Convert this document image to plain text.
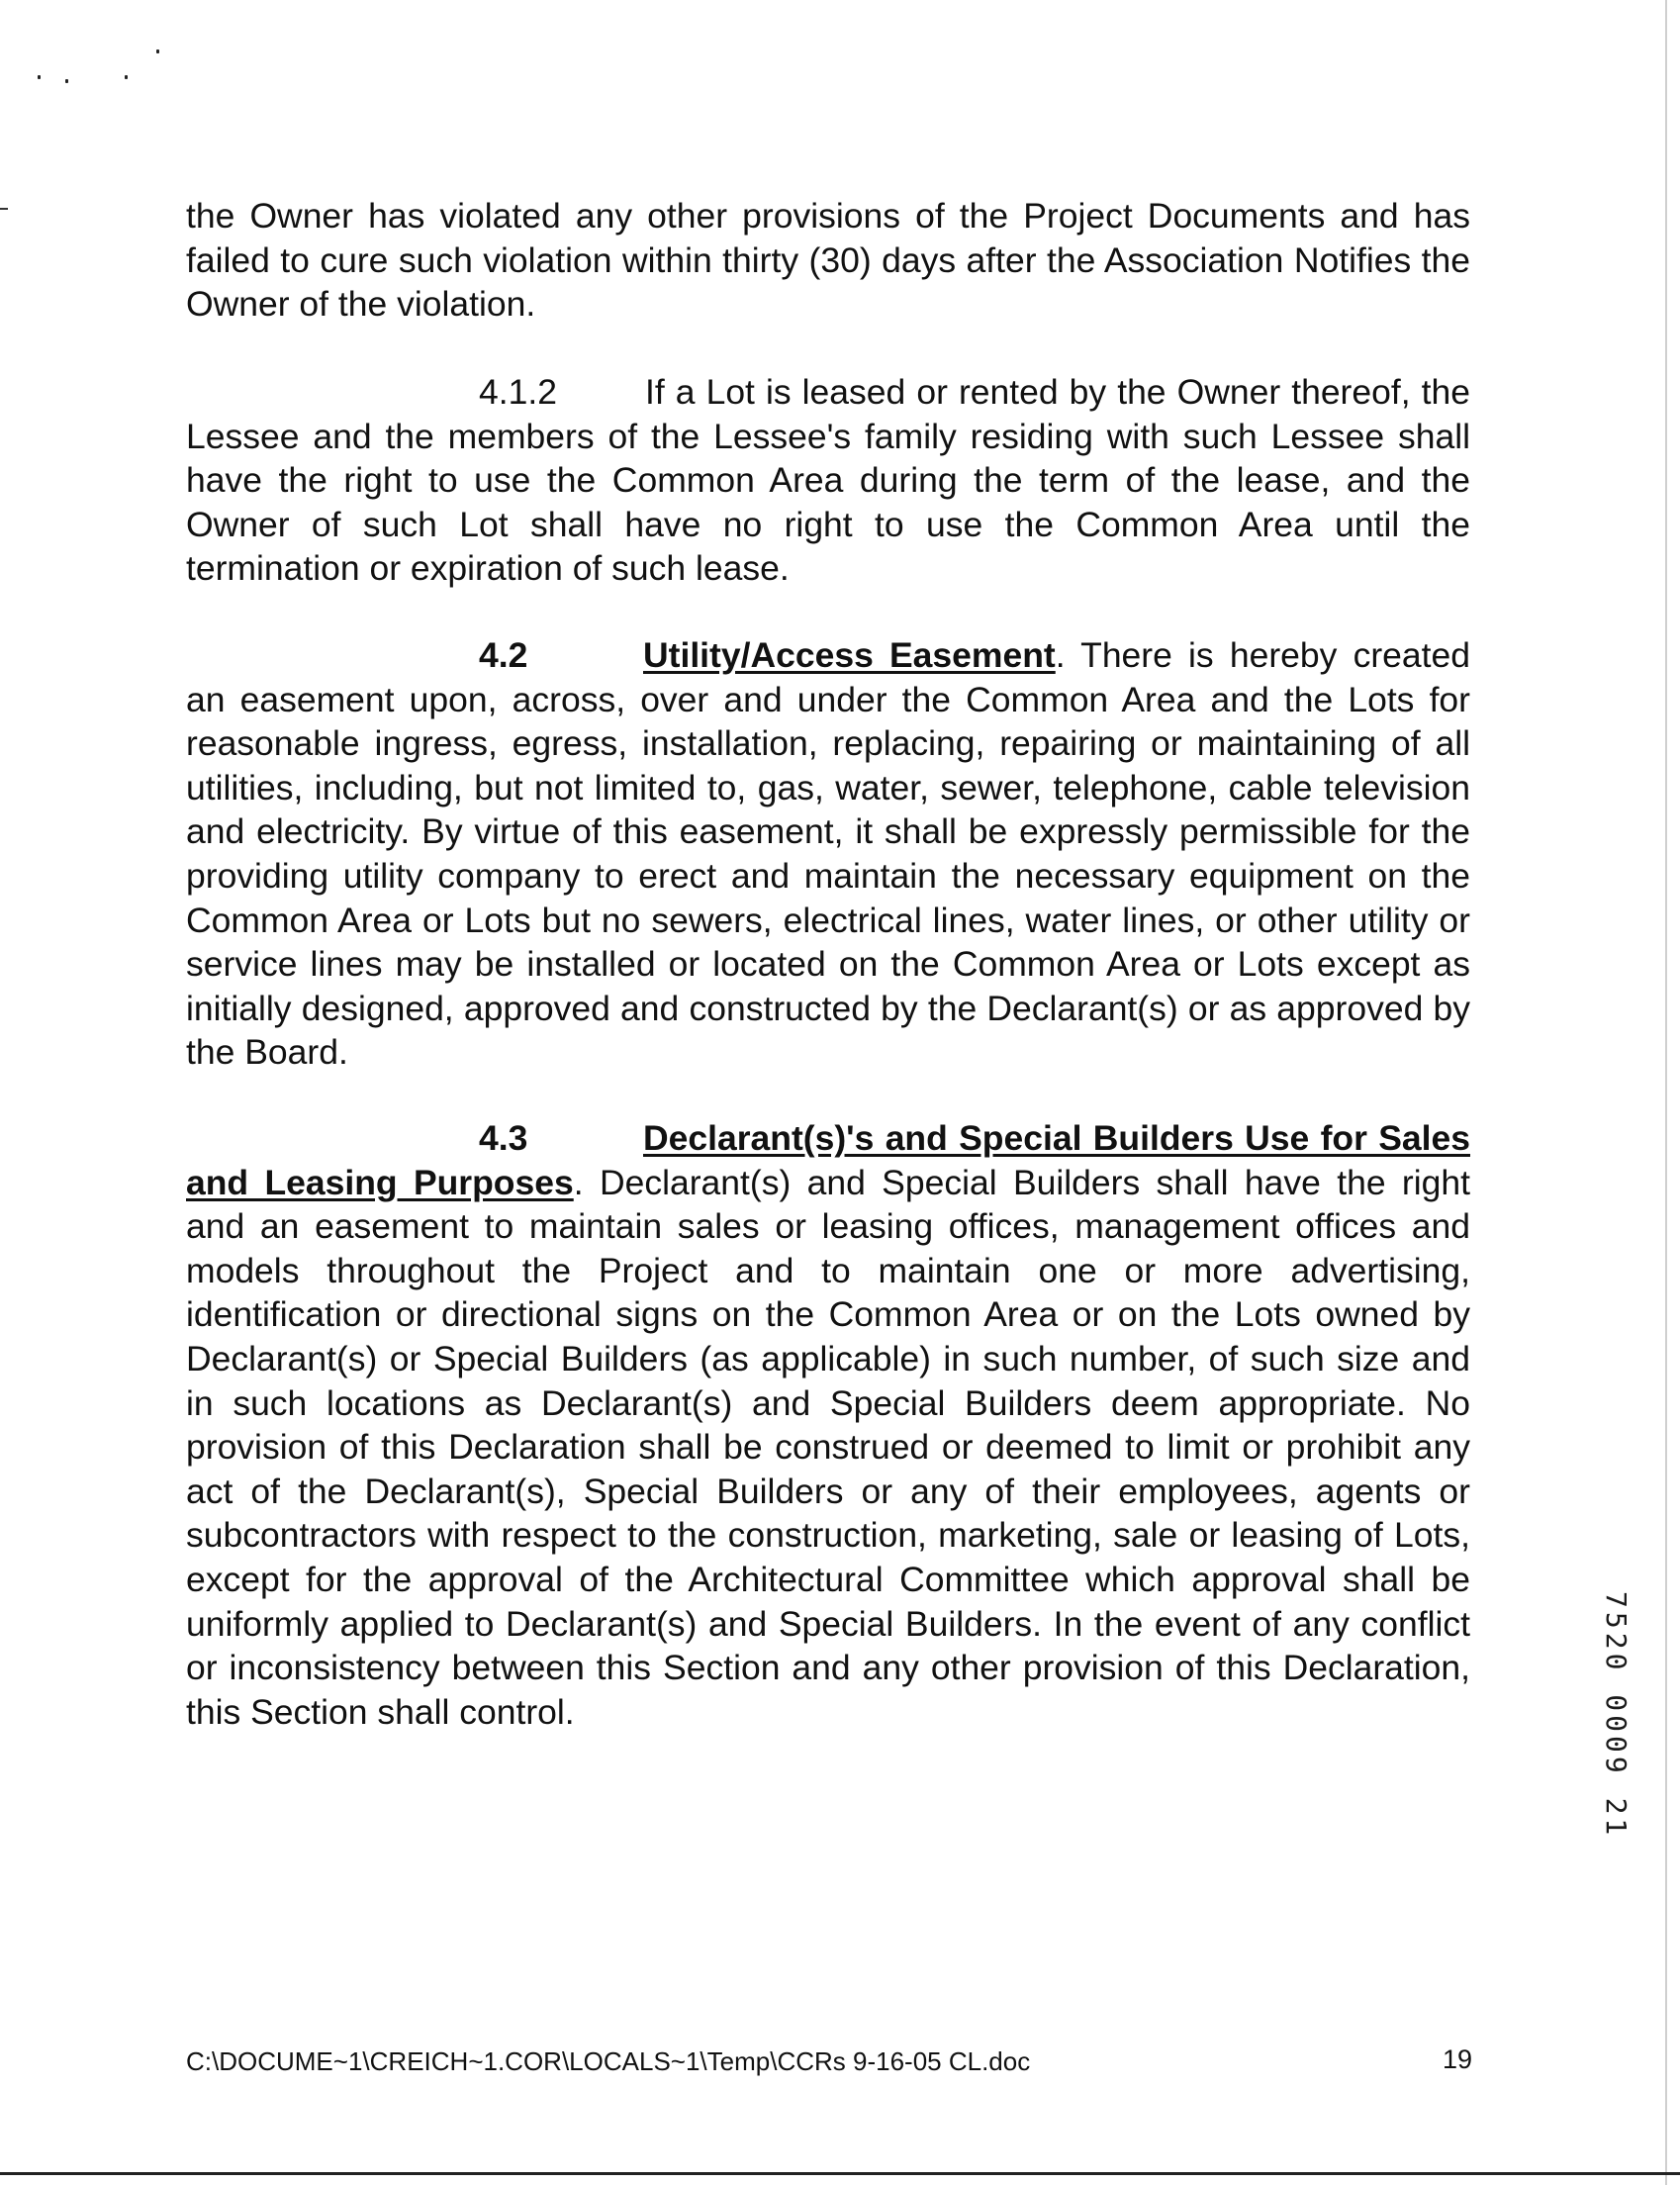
the Owner has violated any other provisions of the Project Documents and has failed to cure such violation within thirty (30) days after the Association Notifies the Owner of the violation.

4.1.2	If a Lot is leased or rented by the Owner thereof, the Lessee and the members of the Lessee's family residing with such Lessee shall have the right to use the Common Area during the term of the lease, and the Owner of such Lot shall have no right to use the Common Area until the termination or expiration of such lease.

4.2	Utility/Access Easement. There is hereby created an easement upon, across, over and under the Common Area and the Lots for reasonable ingress, egress, installation, replacing, repairing or maintaining of all utilities, including, but not limited to, gas, water, sewer, telephone, cable television and electricity. By virtue of this easement, it shall be expressly permissible for the providing utility company to erect and maintain the necessary equipment on the Common Area or Lots but no sewers, electrical lines, water lines, or other utility or service lines may be installed or located on the Common Area or Lots except as initially designed, approved and constructed by the Declarant(s) or as approved by the Board.

4.3	Declarant(s)'s and Special Builders Use for Sales and Leasing Purposes. Declarant(s) and Special Builders shall have the right and an easement to maintain sales or leasing offices, management offices and models throughout the Project and to maintain one or more advertising, identification or directional signs on the Common Area or on the Lots owned by Declarant(s) or Special Builders (as applicable) in such number, of such size and in such locations as Declarant(s) and Special Builders deem appropriate. No provision of this Declaration shall be construed or deemed to limit or prohibit any act of the Declarant(s), Special Builders or any of their employees, agents or subcontractors with respect to the construction, marketing, sale or leasing of Lots, except for the approval of the Architectural Committee which approval shall be uniformly applied to Declarant(s) and Special Builders. In the event of any conflict or inconsistency between this Section and any other provision of this Declaration, this Section shall control.	7520 0009 21
C:\DOCUME~1\CREICH~1.COR\LOCALS~1\Temp\CCRs 9-16-05 CL.doc	19
